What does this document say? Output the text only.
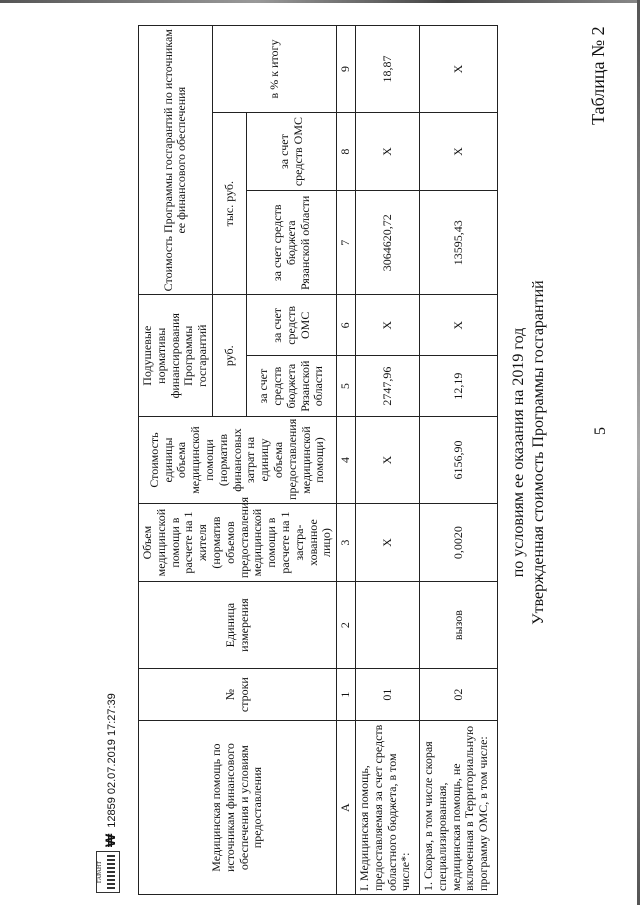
5
Таблица № 2
Утвержденная стоимость Программы госгарантий
по условиям ее оказания на 2019 год
Медицинская помощь по источникам финансового обеспечения и условиям предоставления	№ строки	Единица измерения	Объем медицинской помощи в расчете на 1 жителя (норматив объемов предоставления медицинской помощи в расчете на 1 застра-хованное лицо)	Стоимость единицы объема медицинской помощи (норматив финансовых затрат на единицу объема предоставления медицинской помощи)	Подушевые нормативы финансирования Программы госгарантий		Стоимость Программы госгарантий по источникам ее финансового обеспечения		
					руб.		тыс. руб.		в % к итогу
					за счет средств бюджета Рязанской области	за счет средств ОМС	за счет средств бюджета Рязанской области	за счет средств ОМС	
А	1	2	3	4	5	6	7	8	9
I. Медицинская помощь, предоставляемая за счет средств областного бюджета, в том числе*:	01		Х	Х	2747,96	Х	3064620,72	Х	18,87
1. Скорая, в том числе скорая специализированная, медицинская помощь, не включенная в Территориальную программу ОМС, в том числе:	02	вызов	0,0020	6156,90	12,19	Х	13595,43	Х	Х
ГАРАНТ
₩12859 02.07.2019 17:27:39
